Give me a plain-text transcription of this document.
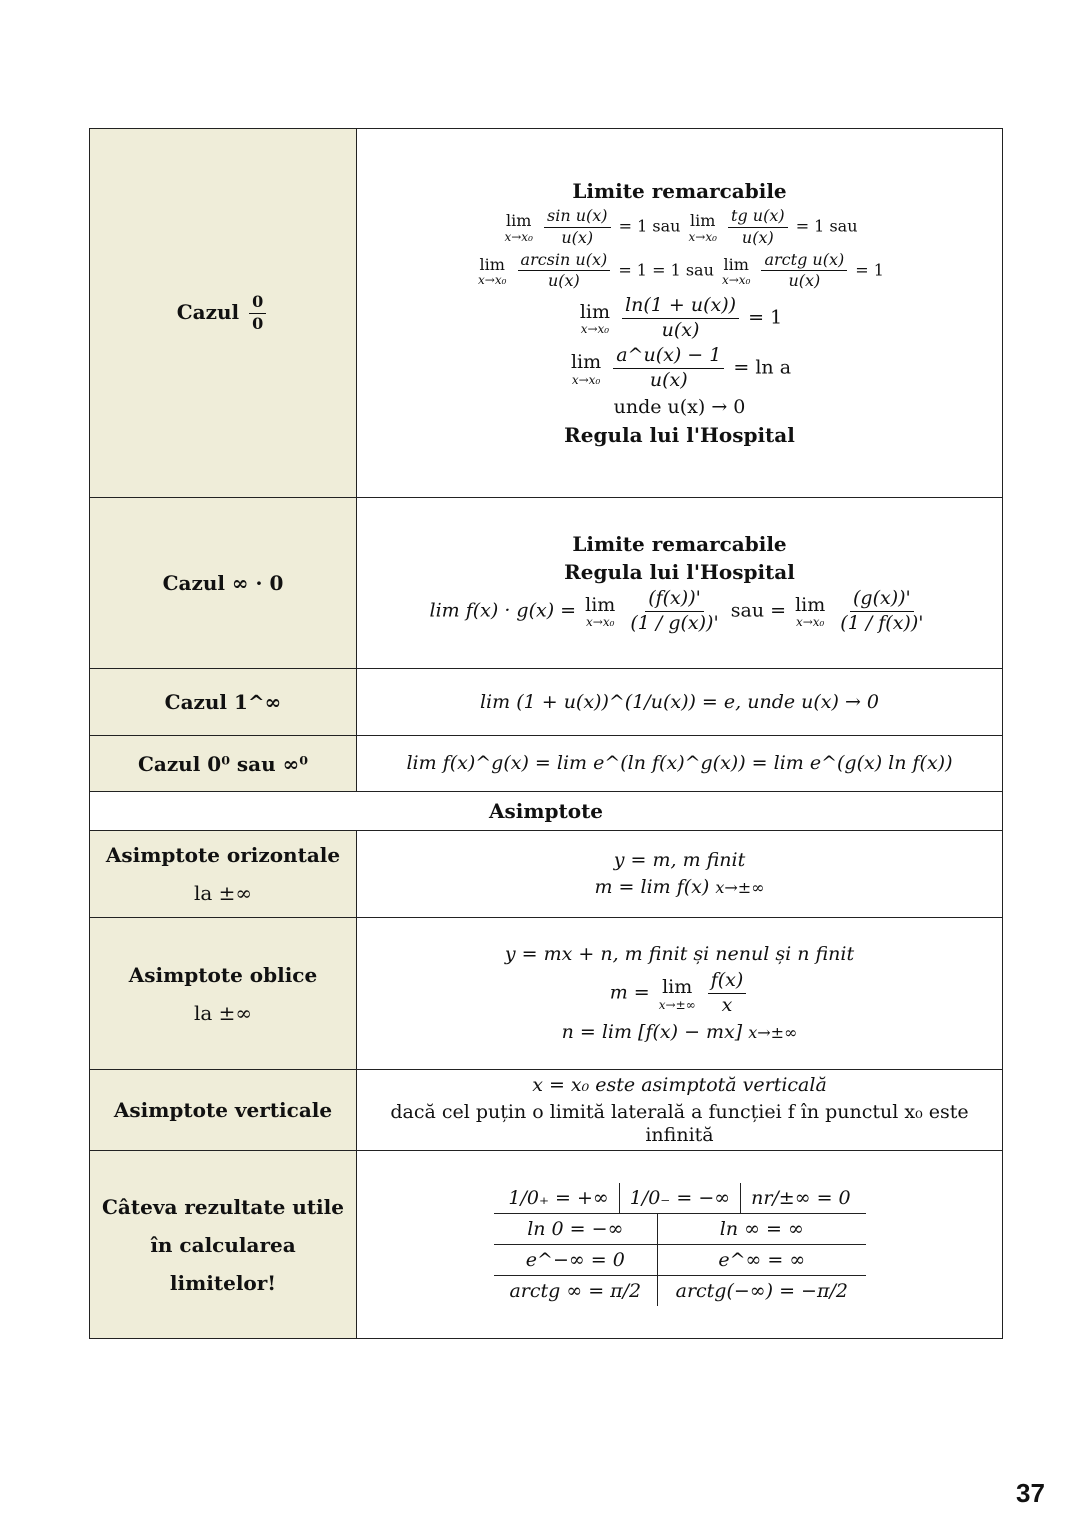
Cazul $\frac{0}{0}$

Limite remarcabile
lim
x→x₀
$\frac{\text{sin u(x)}}{u(x)} = 1$ sau lim
x→x₀
$\frac{\text{tg u(x)}}{u(x)} = 1$ sau
lim
x→x₀
$\frac{\text{arcsin u(x)}}{u(x)} = 1 = 1$ sau lim
x→x₀
$\frac{\text{arctg u(x)}}{u(x)} = 1$
lim
x→x₀
$\frac{\ln(1 + u(x))}{u(x)} = 1$
lim
x→x₀
$\frac{a\^{}u(x) - 1}{u(x)} = \ln a$
unde u(x) → 0
Regula lui l'Hospital

Cazul ∞ · 0	
Limite remarcabile
Regula lui l'Hospital
lim f(x) · g(x) = lim
x→x₀
$\frac{(f(x))'}{(1 / g(x))'}$ sau = lim
x→x₀
$\frac{(g(x))'}{(1 / f(x))'}$

Cazul 1^∞	lim (1 + u(x))^(1/u(x)) = e, unde u(x) → 0

Cazul 0⁰ sau ∞⁰	lim f(x)^g(x) = lim e^(ln f(x)^g(x)) = lim e^(g(x) ln f(x))

Asimptote
Asimptote orizontale
la ±∞	
y = m, m finit
m = lim f(x) x→±∞

Asimptote oblice
la ±∞	
y = mx + n, m finit și nenul și n finit
m = lim
x→±∞
$\frac{f(x)}{x}$
n = lim [f(x) − mx] x→±∞

Asimptote verticale	
x = x₀ este asimptotă verticală
dacă cel puțin o limită laterală a funcției f în punctul x₀ este infinită

Câteva rezultate utile în calcularea limitelor!	
1/0₊ = +∞	1/0₋ = −∞	nr/±∞ = 0
ln 0 = −∞	ln ∞ = ∞
e^−∞ = 0	e^∞ = ∞
arctg ∞ = π/2	arctg(−∞) = −π/2
37
